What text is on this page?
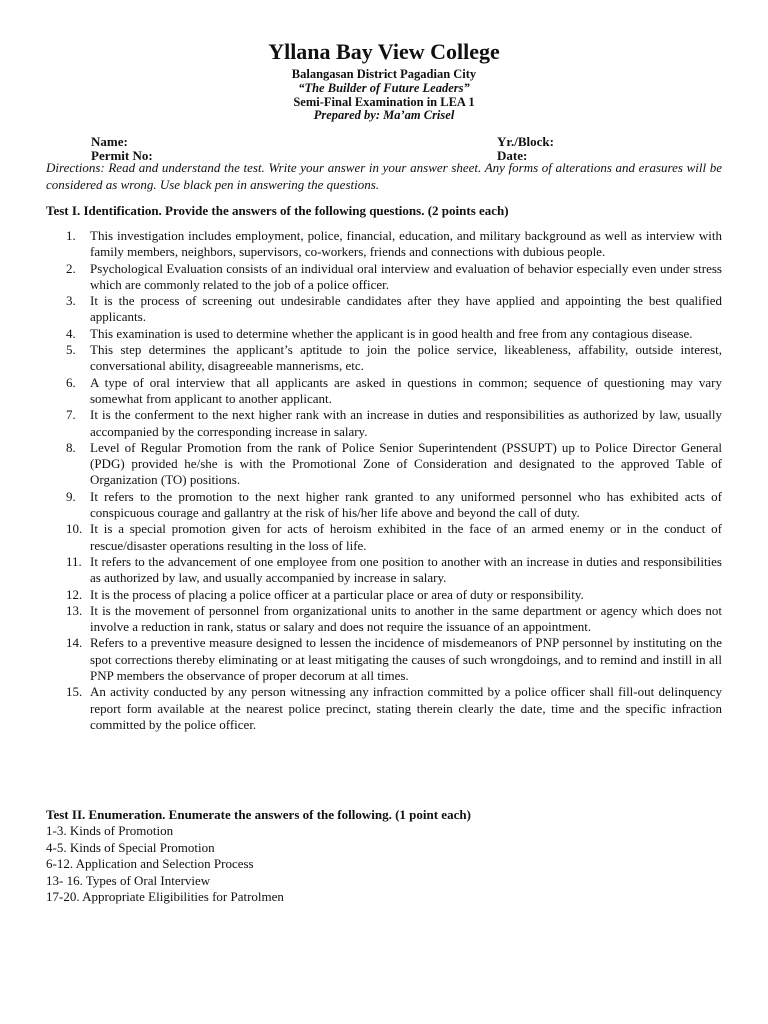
Yllana Bay View College
Balangasan District Pagadian City
“The Builder of Future Leaders”
Semi-Final Examination in LEA 1
Prepared by: Ma’am Crisel
Name:
Permit No:
Yr./Block:
Date:
Directions: Read and understand the test. Write your answer in your answer sheet. Any forms of alterations and erasures will be considered as wrong. Use black pen in answering the questions.
Test I. Identification. Provide the answers of the following questions. (2 points each)
1.	This investigation includes employment, police, financial, education, and military background as well as interview with family members, neighbors, supervisors, co-workers, friends and connections with dubious people.
2.	Psychological Evaluation consists of an individual oral interview and evaluation of behavior especially even under stress which are commonly related to the job of a police officer.
3.	It is the process of screening out undesirable candidates after they have applied and appointing the best qualified applicants.
4.	This examination is used to determine whether the applicant is in good health and free from any contagious disease.
5.	This step determines the applicant’s aptitude to join the police service, likeableness, affability, outside interest, conversational ability, disagreeable mannerisms, etc.
6.	A type of oral interview that all applicants are asked in questions in common; sequence of questioning may vary somewhat from applicant to another applicant.
7.	It is the conferment to the next higher rank with an increase in duties and responsibilities as authorized by law, usually accompanied by the corresponding increase in salary.
8.	Level of Regular Promotion from the rank of Police Senior Superintendent (PSSUPT) up to Police Director General (PDG) provided he/she is with the Promotional Zone of Consideration and designated to the approved Table of Organization (TO) positions.
9.	It refers to the promotion to the next higher rank granted to any uniformed personnel who has exhibited acts of conspicuous courage and gallantry at the risk of his/her life above and beyond the call of duty.
10. It is a special promotion given for acts of heroism exhibited in the face of an armed enemy or in the conduct of rescue/disaster operations resulting in the loss of life.
11. It refers to the advancement of one employee from one position to another with an increase in duties and responsibilities as authorized by law, and usually accompanied by increase in salary.
12. It is the process of placing a police officer at a particular place or area of duty or responsibility.
13. It is the movement of personnel from organizational units to another in the same department or agency which does not involve a reduction in rank, status or salary and does not require the issuance of an appointment.
14. Refers to a preventive measure designed to lessen the incidence of misdemeanors of PNP personnel by instituting on the spot corrections thereby eliminating or at least mitigating the causes of such wrongdoings, and to remind and instill in all PNP members the observance of proper decorum at all times.
15. An activity conducted by any person witnessing any infraction committed by a police officer shall fill-out delinquency report form available at the nearest police precinct, stating therein clearly the date, time and the specific infraction committed by the police officer.
Test II. Enumeration. Enumerate the answers of the following. (1 point each)
1-3. Kinds of Promotion
4-5. Kinds of Special Promotion
6-12. Application and Selection Process
13- 16. Types of Oral Interview
17-20. Appropriate Eligibilities for Patrolmen
